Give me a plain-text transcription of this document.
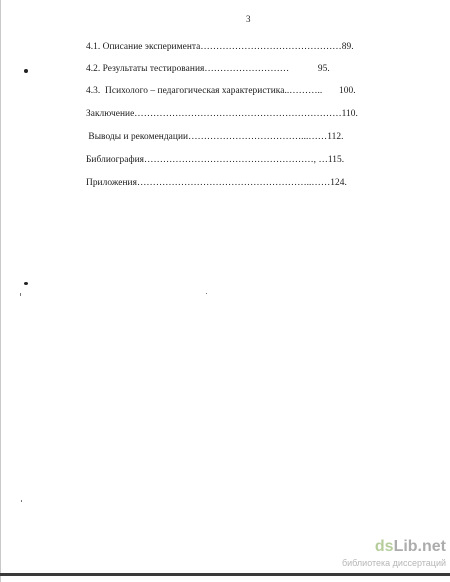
3
4.1. Описание эксперимента………………………………………89.
4.2. Результаты тестирования………………………            95.
4.3.  Психолого – педагогическая характеристика..………..       100.
Заключение…………………………………………………………110.
Выводы и рекомендации………………………………...……112.
Библиография………………………………………………, …115.
Приложения………………………………………………..……124.
dsLib.net
библиотека диссертаций
